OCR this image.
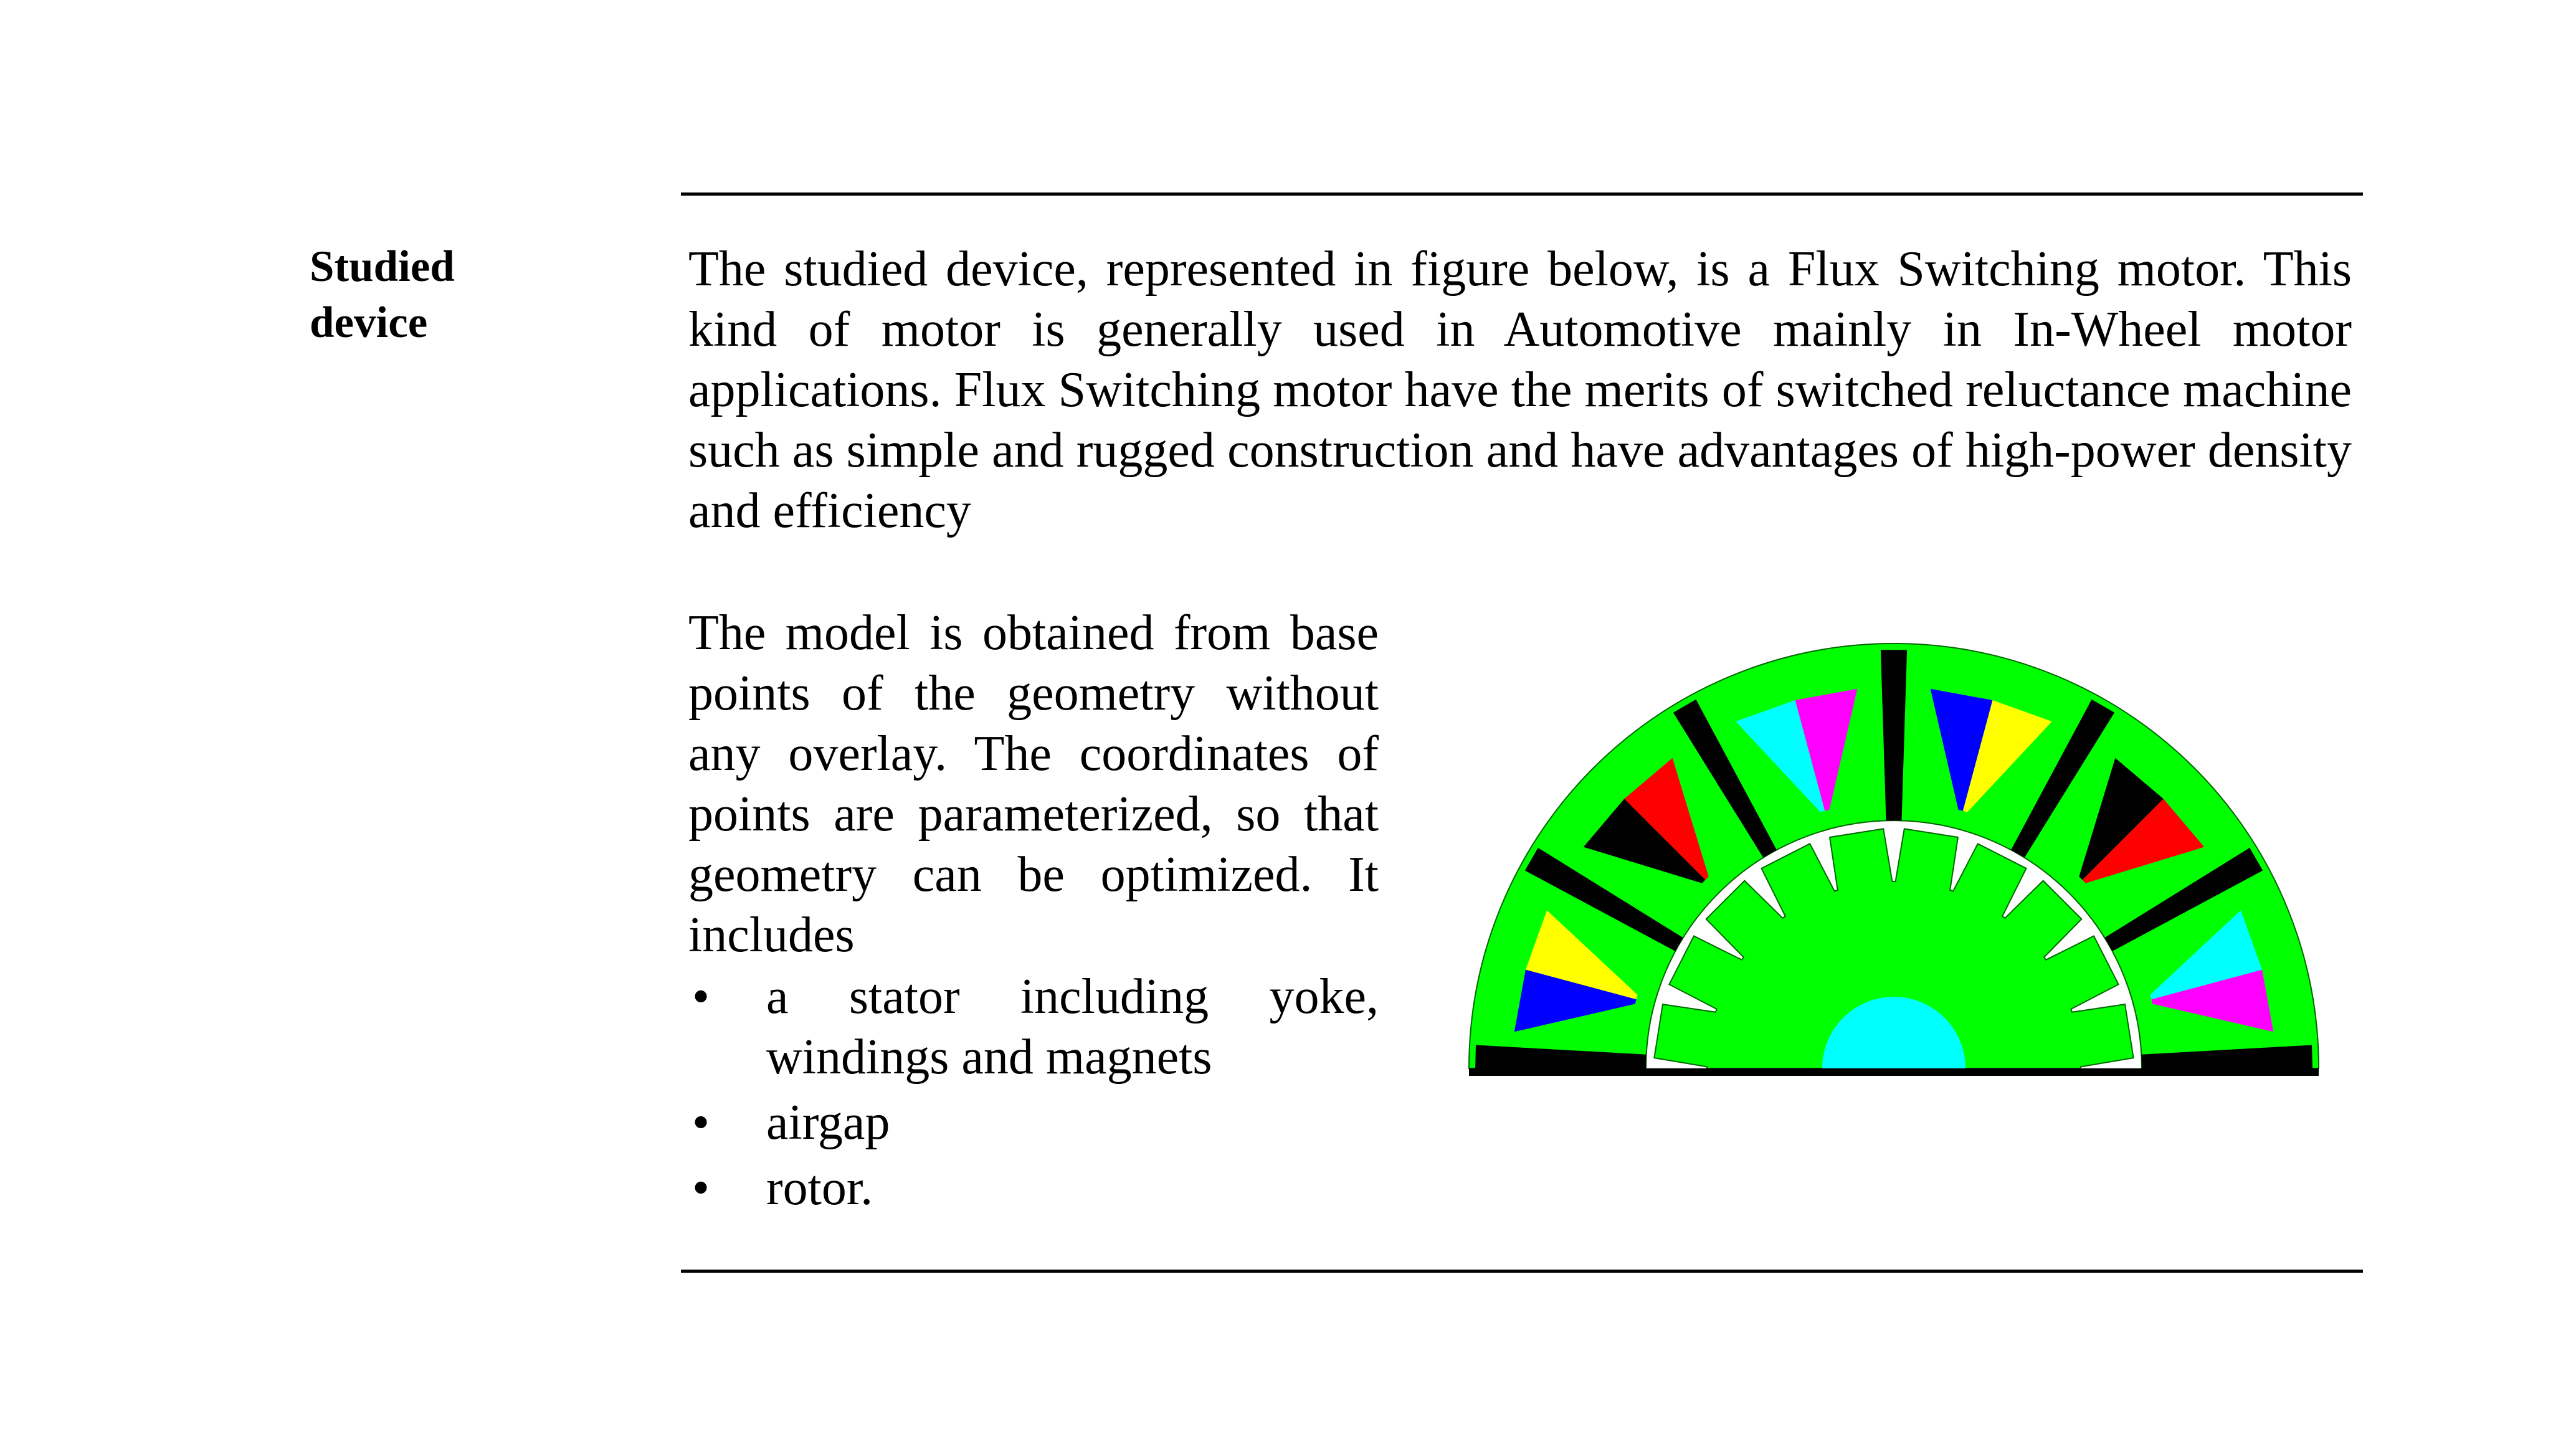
Studied
device
The studied device, represented in figure below, is a Flux Switching motor. This kind of motor is generally used in Automotive mainly in In-Wheel motor applications. Flux Switching motor have the merits of switched reluctance machine such as simple and rugged construction and have advantages of high-power density and efficiency
The model is obtained from base points of the geometry without any overlay. The coordinates of points are parameterized, so that geometry can be optimized. It includes
• a stator including yoke, windings and magnets
• airgap
• rotor.
